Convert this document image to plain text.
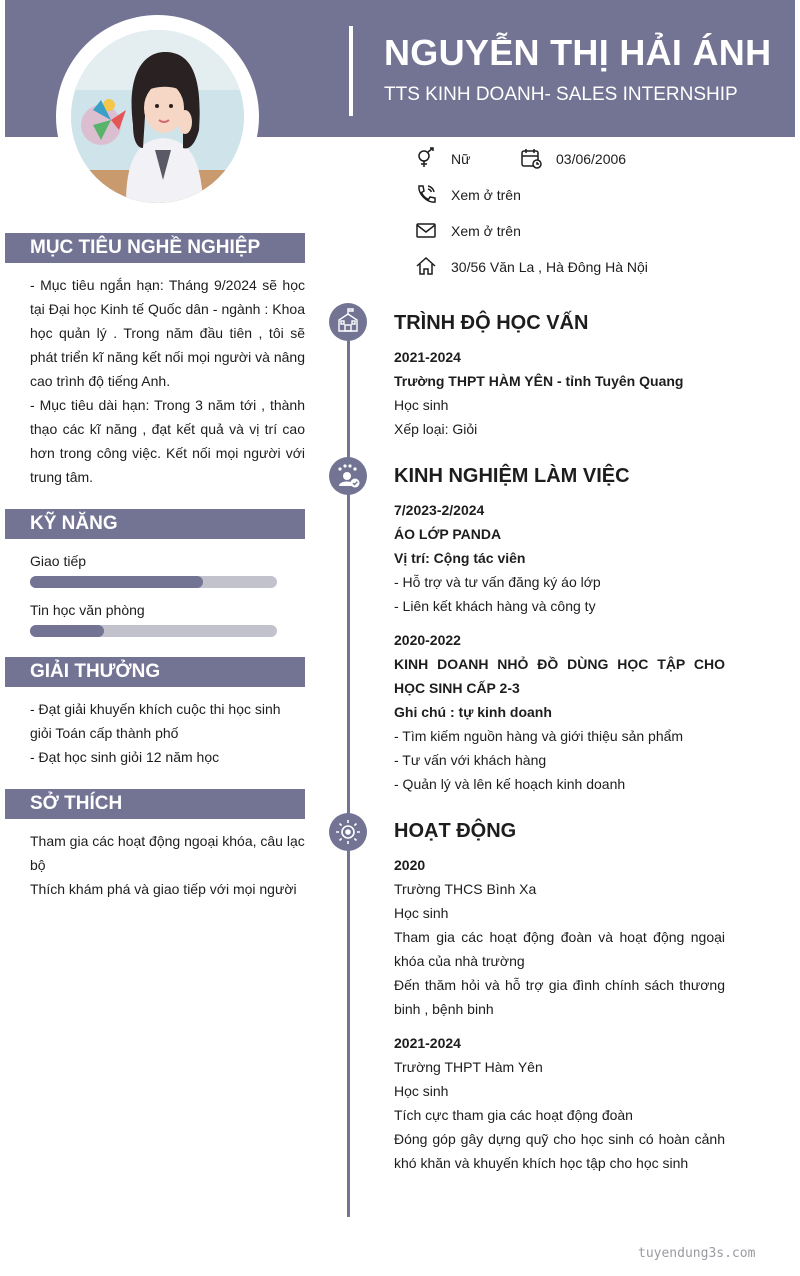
NGUYỄN THỊ HẢI ÁNH
TTS KINH DOANH- SALES INTERNSHIP
Nữ	03/06/2006
Xem ở trên
Xem ở trên
30/56 Văn La , Hà Đông Hà Nội
MỤC TIÊU NGHỀ NGHIỆP

- Mục tiêu ngắn hạn: Tháng 9/2024 sẽ học tại Đại học Kinh tế Quốc dân - ngành : Khoa học quản lý . Trong năm đầu tiên , tôi sẽ phát triển kĩ năng kết nối mọi người và nâng cao trình độ tiếng Anh.

- Mục tiêu dài hạn: Trong 3 năm tới , thành thạo các kĩ năng , đạt kết quả và vị trí cao hơn trong công việc. Kết nối mọi người với trung tâm.

KỸ NĂNG
Giao tiếp
Tin học văn phòng
GIẢI THƯỞNG

- Đạt giải khuyến khích cuộc thi học sinh giỏi Toán cấp thành phố

- Đạt học sinh giỏi 12 năm học

SỞ THÍCH

Tham gia các hoạt động ngoại khóa, câu lạc bộ

Thích khám phá và giao tiếp với mọi người

TRÌNH ĐỘ HỌC VẤN
2021-2024
Trường THPT HÀM YÊN - tỉnh Tuyên Quang
Học sinh
Xếp loại: Giỏi
KINH NGHIỆM LÀM VIỆC
7/2023-2/2024
ÁO LỚP PANDA
Vị trí: Cộng tác viên
- Hỗ trợ và tư vấn đăng ký áo lớp
- Liên kết khách hàng và công ty
2020-2022
KINH DOANH NHỎ ĐỒ DÙNG HỌC TẬP CHO HỌC SINH CẤP 2-3
Ghi chú : tự kinh doanh
- Tìm kiếm nguồn hàng và giới thiệu sản phẩm
- Tư vấn với khách hàng
- Quản lý và lên kế hoạch kinh doanh
HOẠT ĐỘNG
2020
Trường THCS Bình Xa
Học sinh
Tham gia các hoạt động đoàn và hoạt động ngoại khóa của nhà trường
Đến thăm hỏi và hỗ trợ gia đình chính sách thương binh , bệnh binh
2021-2024
Trường THPT Hàm Yên
Học sinh
Tích cực tham gia các hoạt động đoàn
Đóng góp gây dựng quỹ cho học sinh có hoàn cảnh khó khăn và khuyến khích học tập cho học sinh
tuyendung3s.com
